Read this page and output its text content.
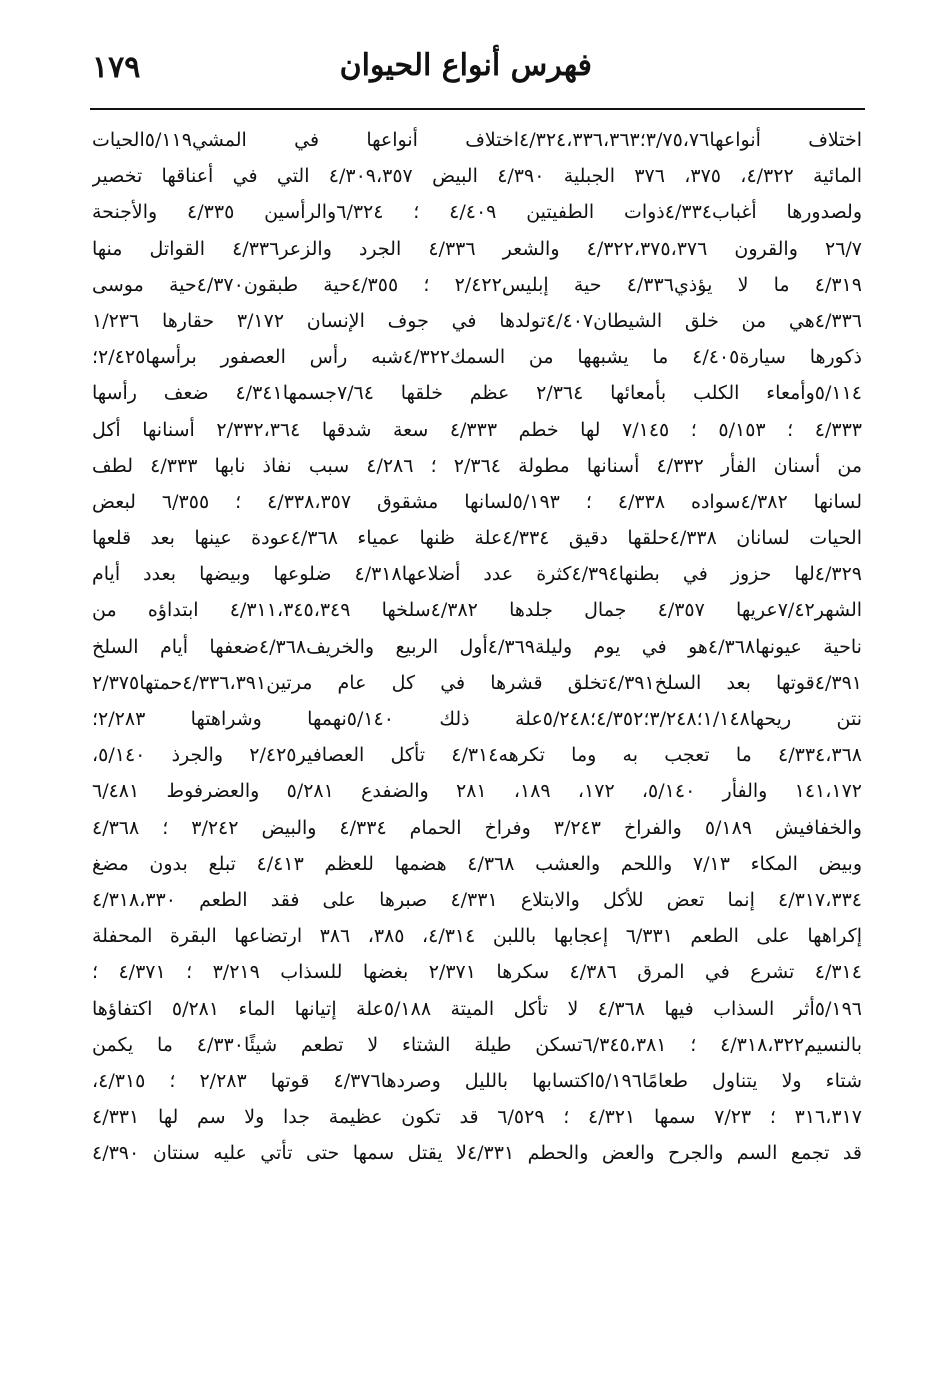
فهرس أنواع الحيوان
١٧٩
اختلاف أنواعها٣/٧٥،٧٦؛٤/٣٢٤،٣٣٦،٣٦٣اختلاف أنواعها في المشي٥/١١٩الحيات
المائية ٤/٣٢٢، ٣٧٥، ٣٧٦ الجبلية ٤/٣٩٠ البيض ٤/٣٠٩،٣٥٧ التي في أعناقها تخصير
ولصدورها أغباب٤/٣٣٤ذوات الطفيتين ٤/٤٠٩ ؛ ٦/٣٢٤والرأسين ٤/٣٣٥ والأجنحة
٢٦/٧ والقرون ٤/٣٢٢،٣٧٥،٣٧٦ والشعر ٤/٣٣٦ الجرد والزعر٤/٣٣٦ القواتل منها
٤/٣١٩ ما لا يؤذي٤/٣٣٦ حية إبليس٢/٤٢٢ ؛ ٤/٣٥٥حية طبقون٤/٣٧٠حية موسى
٤/٣٣٦هي من خلق الشيطان٤/٤٠٧تولدها في جوف الإنسان ٣/١٧٢ حقارها ١/٢٣٦
ذكورها سيارة٤/٤٠٥ ما يشبهها من السمك٤/٣٢٢شبه رأس العصفور برأسها٢/٤٢٥؛
٥/١١٤وأمعاء الكلب بأمعائها ٢/٣٦٤ عظم خلقها ٧/٦٤جسمها٤/٣٤١ ضعف رأسها
٤/٣٣٣ ؛ ٥/١٥٣ ؛ ٧/١٤٥ لها خطم ٤/٣٣٣ سعة شدقها ٢/٣٣٢،٣٦٤ أسنانها أكل
من أسنان الفأر ٤/٣٣٢ أسنانها مطولة ٢/٣٦٤ ؛ ٤/٢٨٦ سبب نفاذ نابها ٤/٣٣٣ لطف
لسانها ٤/٣٨٢سواده ٤/٣٣٨ ؛ ٥/١٩٣لسانها مشقوق ٤/٣٣٨،٣٥٧ ؛ ٦/٣٥٥ لبعض
الحيات لسانان ٤/٣٣٨حلقها دقيق ٤/٣٣٤علة ظنها عمياء ٤/٣٦٨عودة عينها بعد قلعها
٤/٣٢٩لها حزوز في بطنها٤/٣٩٤كثرة عدد أضلاعها٤/٣١٨ ضلوعها وبيضها بعدد أيام
الشهر٧/٤٢عريها ٤/٣٥٧ جمال جلدها ٤/٣٨٢سلخها ٤/٣١١،٣٤٥،٣٤٩ ابتداؤه من
ناحية عيونها٤/٣٦٨هو في يوم وليلة٤/٣٦٩أول الربيع والخريف٤/٣٦٨ضعفها أيام السلخ
٤/٣٩١قوتها بعد السلخ٤/٣٩١تخلق قشرها في كل عام مرتين٤/٣٣٦،٣٩١حمتها٢/٣٧٥
نتن ريحها١/١٤٨؛٣/٢٤٨؛٤/٣٥٢؛٥/٢٤٨علة ذلك ٥/١٤٠نهمها وشراهتها ٢/٢٨٣؛
٤/٣٣٤،٣٦٨ ما تعجب به وما تكرهه٤/٣١٤ تأكل العصافير٢/٤٢٥ والجرذ ٥/١٤٠،
١٤١،١٧٢ والفأر ٥/١٤٠، ١٧٢، ١٨٩، ٢٨١ والضفدع ٥/٢٨١ والعضرفوط ٦/٤٨١
والخفافيش ٥/١٨٩ والفراخ ٣/٢٤٣ وفراخ الحمام ٤/٣٣٤ والبيض ٣/٢٤٢ ؛ ٤/٣٦٨
وبيض المكاء ٧/١٣ واللحم والعشب ٤/٣٦٨ هضمها للعظم ٤/٤١٣ تبلع بدون مضغ
٤/٣١٧،٣٣٤ إنما تعض للأكل والابتلاع ٤/٣٣١ صبرها على فقد الطعم ٤/٣١٨،٣٣٠
إكراهها على الطعم ٦/٣٣١ إعجابها باللبن ٤/٣١٤، ٣٨٥، ٣٨٦ ارتضاعها البقرة المحفلة
٤/٣١٤ تشرع في المرق ٤/٣٨٦ سكرها ٢/٣٧١ بغضها للسذاب ٣/٢١٩ ؛ ٤/٣٧١ ؛
٥/١٩٦أثر السذاب فيها ٤/٣٦٨ لا تأكل الميتة ٥/١٨٨علة إتيانها الماء ٥/٢٨١ اكتفاؤها
بالنسيم٤/٣١٨،٣٢٢ ؛ ٦/٣٤٥،٣٨١تسكن طيلة الشتاء لا تطعم شيئًا٤/٣٣٠ ما يكمن
شتاء ولا يتناول طعامًا٥/١٩٦اكتسابها بالليل وصردها٤/٣٧٦ قوتها ٢/٢٨٣ ؛ ٤/٣١٥،
٣١٦،٣١٧ ؛ ٧/٢٣ سمها ٤/٣٢١ ؛ ٦/٥٢٩ قد تكون عظيمة جدا ولا سم لها ٤/٣٣١
قد تجمع السم والجرح والعض والحطم ٤/٣٣١لا يقتل سمها حتى تأتي عليه سنتان ٤/٣٩٠
